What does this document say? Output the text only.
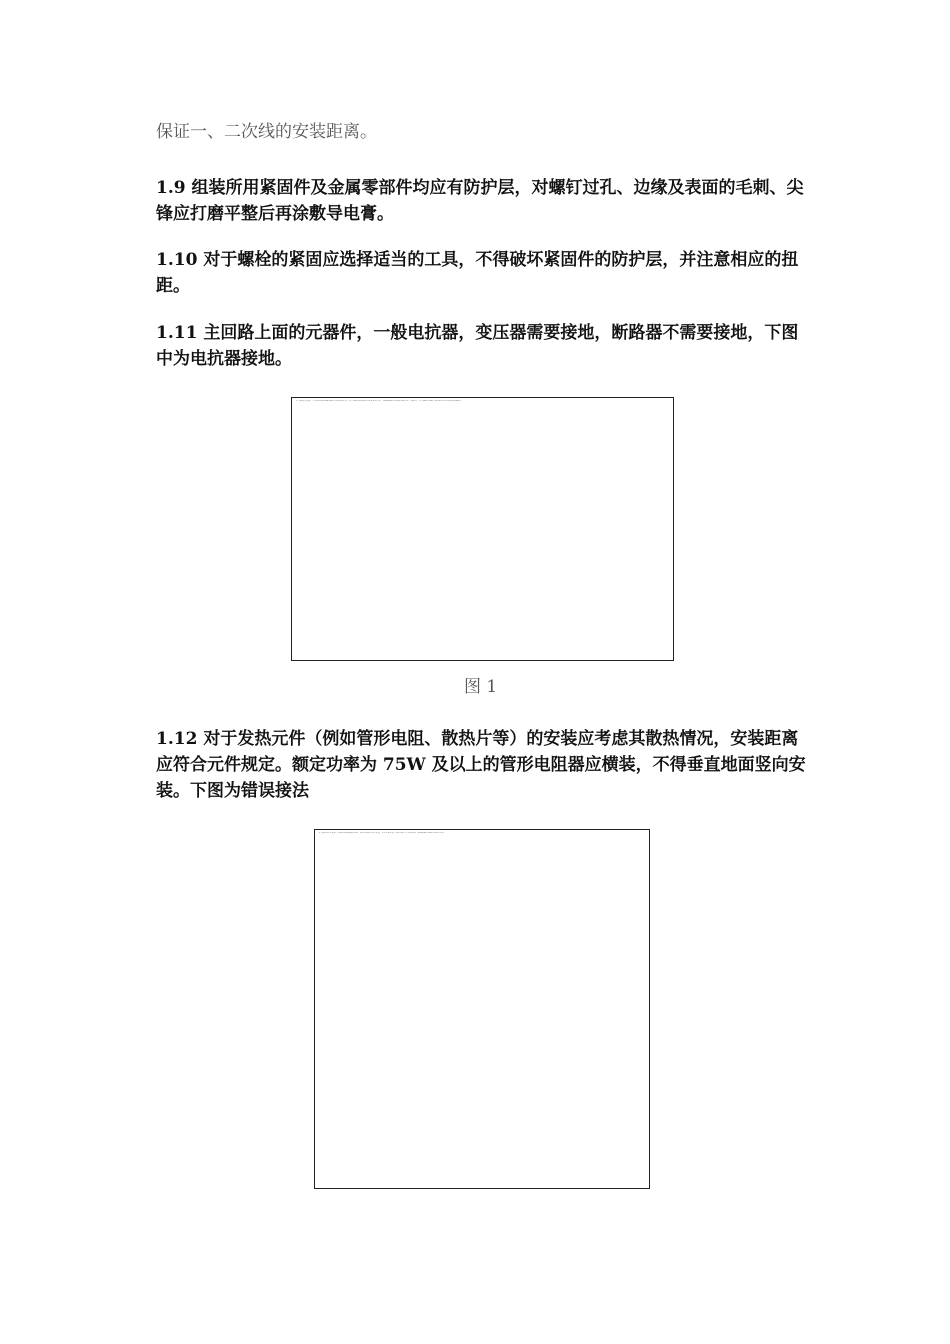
保证一、二次线的安装距离。

1.9 组装所用紧固件及金属零部件均应有防护层，对螺钉过孔、边缘及表面的毛刺、尖锋应打磨平整后再涂敷导电膏。

1.10 对于螺栓的紧固应选择适当的工具，不得破坏紧固件的防护层，并注意相应的扭距。

1.11 主回路上面的元器件，一般电抗器，变压器需要接地，断路器不需要接地，下图中为电抗器接地。

1. 元器件安装时，不应使元器件承受机械应力和外部拉力，对于有极性的元器件应注意安装方向，引线弯曲处离元器件本体应有一定距离，且不得损伤引线，焊接时应防止元器件过热损坏。
图 1

1.12 对于发热元件（例如管形电阻、散热片等）的安装应考虑其散热情况，安装距离应符合元件规定。额定功率为 75W 及以上的管形电阻器应横装，不得垂直地面竖向安装。下图为错误接法

2. 发热元件安装时，应留有足够的散热空间，管形电阻器应水平安装，不得竖直安装，以免引起上方元件过热，影响设备正常运行及使用寿命。
